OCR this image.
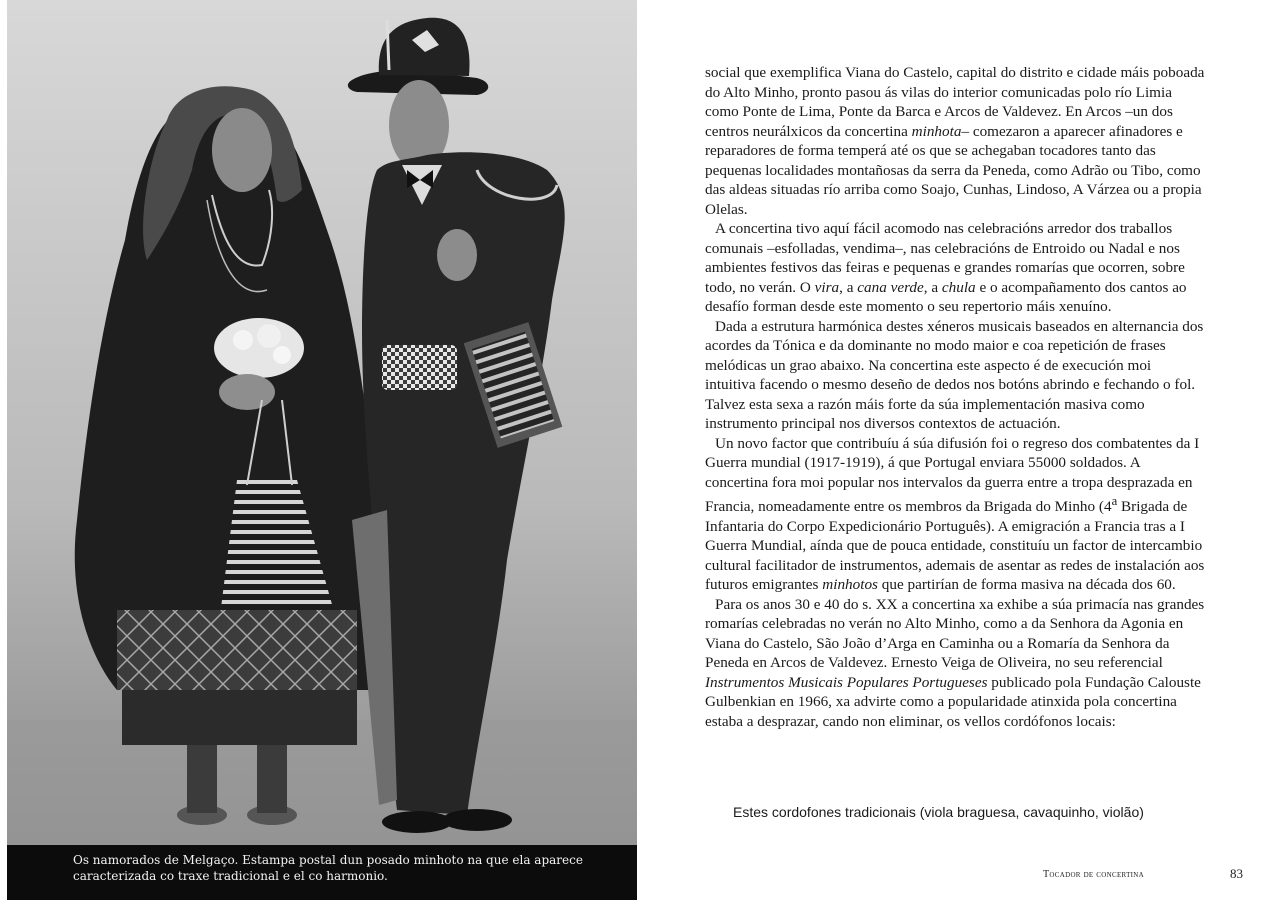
Os namorados de Melgaço. Estampa postal dun posado minhoto na que ela aparece
caracterizada co traxe tradicional e el co harmonio.

social que exemplifica Viana do Castelo, capital do distrito e cidade máis poboada do Alto Minho, pronto pasou ás vilas do interior comunicadas polo río Limia como Ponte de Lima, Ponte da Barca e Arcos de Valdevez. En Arcos –un dos centros neurálxicos da concertina minhota– comezaron a aparecer afinadores e reparadores de forma temperá até os que se achegaban tocadores tanto das pequenas localidades montañosas da serra da Peneda, como Adrão ou Tibo, como das aldeas situadas río arriba como Soajo, Cunhas, Lindoso, A Várzea ou a propia Olelas.

A concertina tivo aquí fácil acomodo nas celebracións arredor dos traballos comunais –esfolladas, vendima–, nas celebracións de Entroido ou Nadal e nos ambientes festivos das feiras e pequenas e grandes romarías que ocorren, sobre todo, no verán. O vira, a cana verde, a chula e o acompañamento dos cantos ao desafío forman desde este momento o seu repertorio máis xenuíno.

Dada a estrutura harmónica destes xéneros musicais baseados en alternancia dos acordes da Tónica e da dominante no modo maior e coa repetición de frases melódicas un grao abaixo. Na concertina este aspecto é de execución moi intuitiva facendo o mesmo deseño de dedos nos botóns abrindo e fechando o fol. Talvez esta sexa a razón máis forte da súa implementación masiva como instrumento principal nos diversos contextos de actuación.

Un novo factor que contribuíu á súa difusión foi o regreso dos combatentes da I Guerra mundial (1917-1919), á que Portugal enviara 55000 soldados. A concertina fora moi popular nos intervalos da guerra entre a tropa desprazada en Francia, nomeadamente entre os membros da Brigada do Minho (4$^a$ Brigada de Infantaria do Corpo Expedicionário Português). A emigración a Francia tras a I Guerra Mundial, aínda que de pouca entidade, constituíu un factor de intercambio cultural facilitador de instrumentos, ademais de asentar as redes de instalación aos futuros emigrantes minhotos que partirían de forma masiva na década dos 60.

Para os anos 30 e 40 do s. XX a concertina xa exhibe a súa primacía nas grandes romarías celebradas no verán no Alto Minho, como a da Senhora da Agonia en Viana do Castelo, São João d’Arga en Caminha ou a Romaría da Senhora da Peneda en Arcos de Valdevez. Ernesto Veiga de Oliveira, no seu referencial Instrumentos Musicais Populares Portugueses publicado pola Fundação Calouste Gulbenkian en 1966, xa advirte como a popularidade atinxida pola concertina estaba a desprazar, cando non eliminar, os vellos cordófonos locais:

Estes cordofones tradicionais (viola braguesa, cavaquinho, violão)
Tocador de concertina	83
